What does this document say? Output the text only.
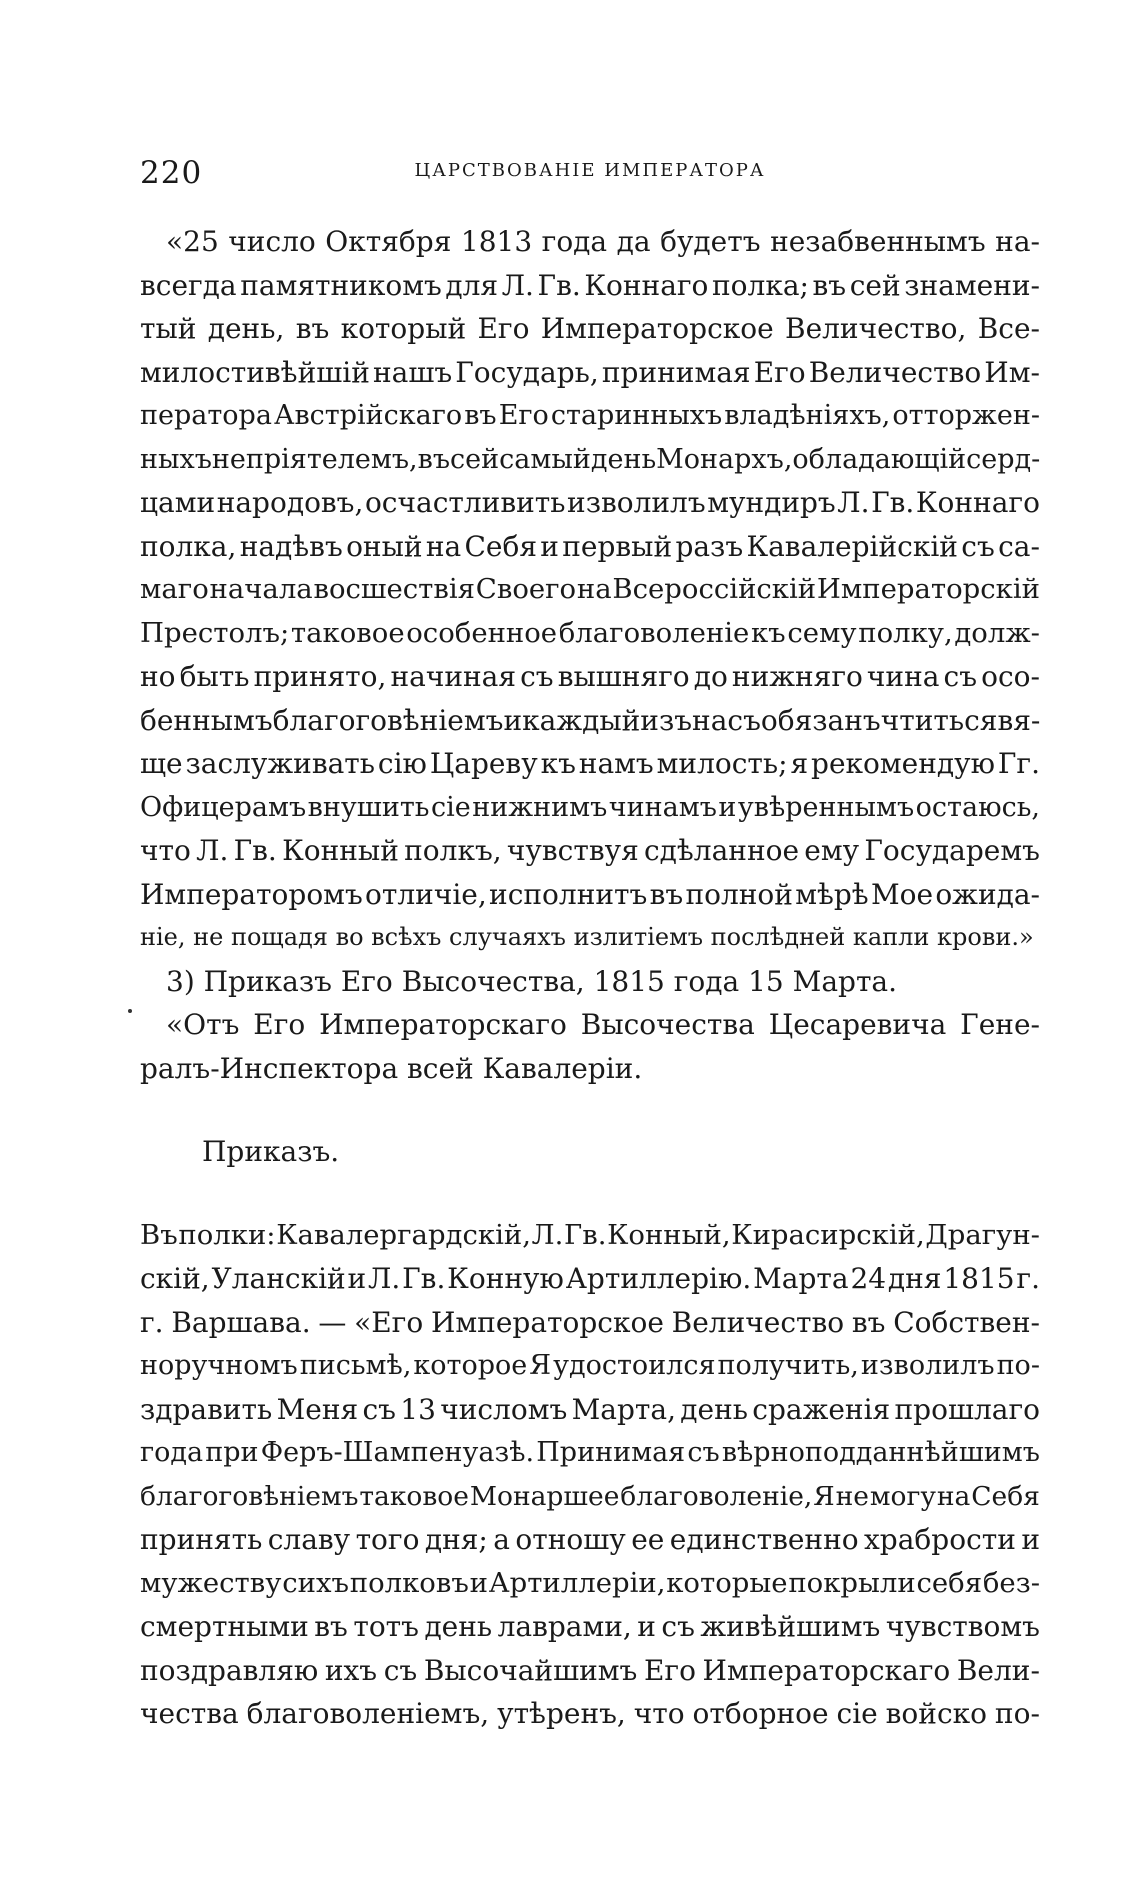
220	ЦАРСТВОВАНІЕ ИМПЕРАТОРА
«25 число Октября 1813 года да будетъ незабвеннымъ на-
всегда памятникомъ для Л. Гв. Коннаго полка; въ сей знамени-
тый день, въ который Его Императорское Величество, Все-
милостивѣйшій нашъ Государь, принимая Его Величество Им-
ператора Австрійскаго въ Его старинныхъ владѣніяхъ, отторжен-
ныхъ непріятелемъ, въ сей самый день Монархъ, обладающій серд-
цами народовъ, осчастливить изволилъ мундиръ Л. Гв. Коннаго
полка, надѣвъ оный на Себя и первый разъ Кавалерійскій съ са-
маго начала восшествія Своего на Всероссійскій Императорскій
Престолъ; таковое особенное благоволеніе къ сему полку, долж-
но быть принято, начиная съ вышняго до нижняго чина съ осо-
беннымъ благоговѣніемъ и каждый изъ насъ обязанъ чтиться вя-
ще заслуживать сію Цареву къ намъ милость; я рекомендую Гг.
Офицерамъ внушить сіе нижнимъ чинамъ и увѣреннымъ остаюсь,
что Л. Гв. Конный полкъ, чувствуя сдѣланное ему Государемъ
Императоромъ отличіе, исполнитъ въ полной мѣрѣ Мое ожида-
ніе, не пощадя во всѣхъ случаяхъ излитіемъ послѣдней капли крови.»
3) Приказъ Его Высочества, 1815 года 15 Марта.
«Отъ Его Императорскаго Высочества Цесаревича Гене-
ралъ-Инспектора всей Кавалеріи.
Приказъ.
Въ полки: Кавалергардскій, Л. Гв. Конный, Кирасирскій, Драгун-
скій, Уланскій и Л. Гв. Конную Артиллерію. Марта 24 дня 1815 г.
г. Варшава. — «Его Императорское Величество въ Собствен-
норучномъ письмѣ, которое Я удостоился получить, изволилъ по-
здравить Меня съ 13 числомъ Марта, день сраженія прошлаго
года при Феръ-Шампенуазѣ. Принимая съ вѣрноподданнѣйшимъ
благоговѣніемъ таковое Монаршее благоволеніе, Я не могу на Себя
принять славу того дня; а отношу ее единственно храбрости и
мужеству сихъ полковъ и Артиллеріи, которые покрыли себя без-
смертными въ тотъ день лаврами, и съ живѣйшимъ чувствомъ
поздравляю ихъ съ Высочайшимъ Его Императорскаго Вели-
чества благоволеніемъ, утѣренъ, что отборное сіе войско по-
